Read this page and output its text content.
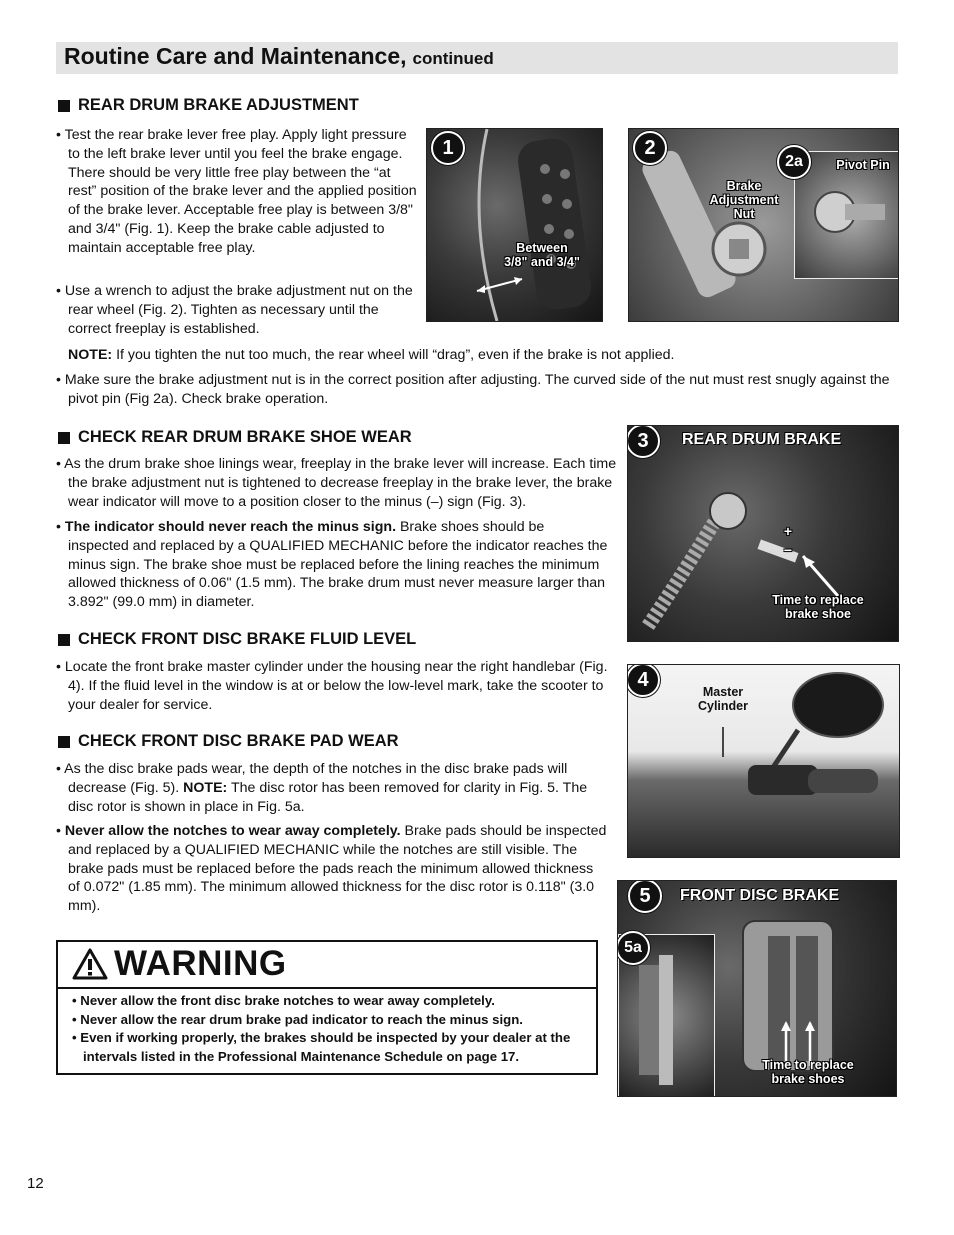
Routine Care and Maintenance, continued
REAR DRUM BRAKE ADJUSTMENT
• Test the rear brake lever free play. Apply light pressure to the left brake lever until you feel the brake engage. There should be very little free play between the “at rest” position of the brake lever and the applied position of the brake lever. Acceptable free play is between 3/8" and 3/4" (Fig. 1). Keep the brake cable adjusted to maintain acceptable free play.
• Use a wrench to adjust the brake adjustment nut on the rear wheel (Fig. 2). Tighten as necessary until the correct freeplay is established.
NOTE: If you tighten the nut too much, the rear wheel will “drag”, even if the brake is not applied.
• Make sure the brake adjustment nut is in the correct position after adjusting. The curved side of the nut must rest snugly against the pivot pin (Fig 2a). Check brake operation.
1
Between
3/8" and 3/4"
2
Brake
Adjustment
Nut
Pivot Pin
2a
CHECK REAR DRUM BRAKE SHOE WEAR
• As the drum brake shoe linings wear, freeplay in the brake lever will increase. Each time the brake adjustment nut is tightened to decrease freeplay in the brake lever, the brake wear indicator will move to a position closer to the minus (–) sign (Fig. 3).
• The indicator should never reach the minus sign. Brake shoes should be inspected and replaced by a QUALIFIED MECHANIC before the indicator reaches the minus sign. The brake shoe must be replaced before the lining reaches the minimum allowed thickness of 0.06" (1.5 mm). The brake drum must never measure larger than 3.892" (99.0 mm) in diameter.
3	REAR DRUM BRAKE
+
−
Time to replace
brake shoe
CHECK FRONT DISC BRAKE FLUID LEVEL
• Locate the front brake master cylinder under the housing near the right handlebar (Fig. 4). If the fluid level in the window is at or below the low-level mark, take the scooter to your dealer for service.
4
Master
Cylinder
CHECK FRONT DISC BRAKE PAD WEAR
• As the disc brake pads wear, the depth of the notches in the disc brake pads will decrease (Fig. 5). NOTE: The disc rotor has been removed for clarity in Fig. 5. The disc rotor is shown in place in Fig. 5a.
• Never allow the notches to wear away completely. Brake pads should be inspected and replaced by a QUALIFIED MECHANIC while the notches are still visible. The brake pads must be replaced before the pads reach the minimum allowed thickness of 0.072" (1.85 mm). The minimum allowed thickness for the disc rotor is 0.118" (3.0 mm).	5	FRONT DISC BRAKE
5a
Time to replace
brake shoes
WARNING
• Never allow the front disc brake notches to wear away completely.
• Never allow the rear drum brake pad indicator to reach the minus sign.
• Even if working properly, the brakes should be inspected by your dealer at the intervals listed in the Professional Maintenance Schedule on page 17.
12
